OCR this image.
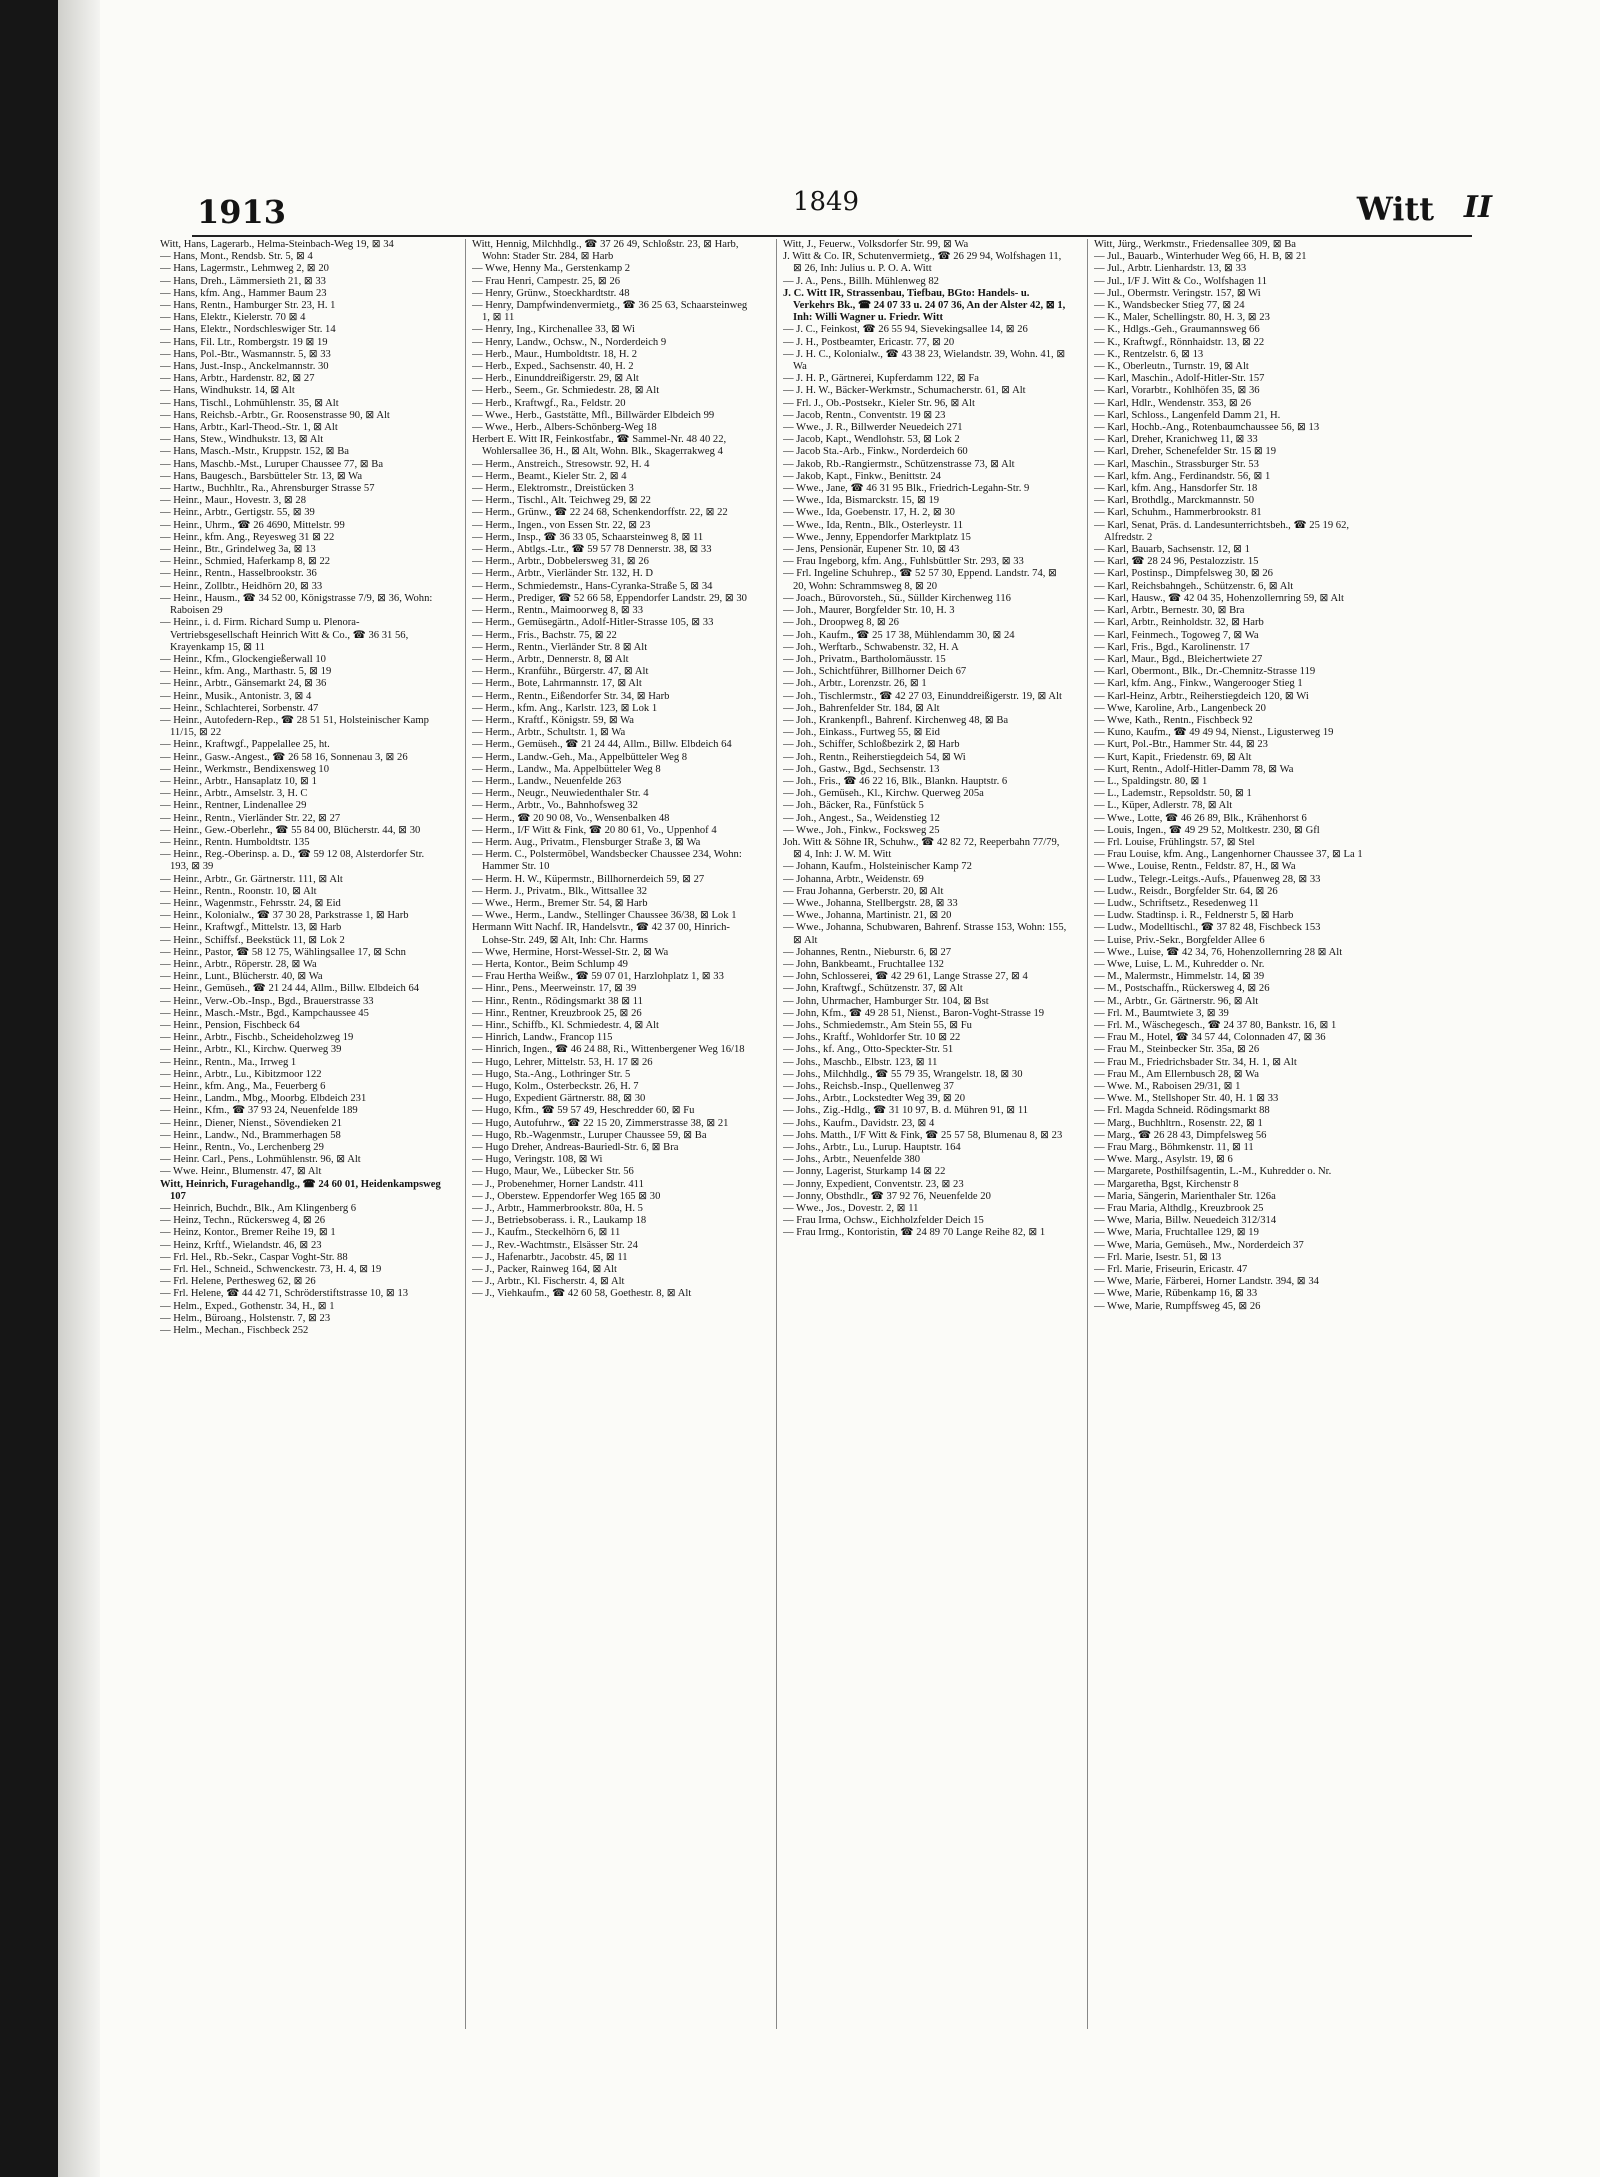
1913	1849	Witt II

Witt, Hans, Lagerarb., Helma-Steinbach-Weg 19, ⊠ 34

— Hans, Mont., Rendsb. Str. 5, ⊠ 4

— Hans, Lagermstr., Lehmweg 2, ⊠ 20

— Hans, Dreh., Lämmersieth 21, ⊠ 33

— Hans, kfm. Ang., Hammer Baum 23

— Hans, Rentn., Hamburger Str. 23, H. 1

— Hans, Elektr., Kielerstr. 70 ⊠ 4

— Hans, Elektr., Nordschleswiger Str. 14

— Hans, Fil. Ltr., Rombergstr. 19 ⊠ 19

— Hans, Pol.-Btr., Wasmannstr. 5, ⊠ 33

— Hans, Just.-Insp., Anckelmannstr. 30

— Hans, Arbtr., Hardenstr. 82, ⊠ 27

— Hans, Windhukstr. 14, ⊠ Alt

— Hans, Tischl., Lohmühlenstr. 35, ⊠ Alt

— Hans, Reichsb.-Arbtr., Gr. Roosenstrasse 90, ⊠ Alt

— Hans, Arbtr., Karl-Theod.-Str. 1, ⊠ Alt

— Hans, Stew., Windhukstr. 13, ⊠ Alt

— Hans, Masch.-Mstr., Kruppstr. 152, ⊠ Ba

— Hans, Maschb.-Mst., Luruper Chaussee 77, ⊠ Ba

— Hans, Baugesch., Barsbütteler Str. 13, ⊠ Wa

— Hartw., Buchhltr., Ra., Ahrensburger Strasse 57

— Heinr., Maur., Hovestr. 3, ⊠ 28

— Heinr., Arbtr., Gertigstr. 55, ⊠ 39

— Heinr., Uhrm., ☎ 26 4690, Mittelstr. 99

— Heinr., kfm. Ang., Reyesweg 31 ⊠ 22

— Heinr., Btr., Grindelweg 3a, ⊠ 13

— Heinr., Schmied, Haferkamp 8, ⊠ 22

— Heinr., Rentn., Hasselbrookstr. 36

— Heinr., Zollbtr., Heidhörn 20, ⊠ 33

— Heinr., Hausm., ☎ 34 52 00, Königstrasse 7/9, ⊠ 36, Wohn: Raboisen 29

— Heinr., i. d. Firm. Richard Sump u. Plenora-Vertriebsgesellschaft Heinrich Witt & Co., ☎ 36 31 56, Krayenkamp 15, ⊠ 11

— Heinr., Kfm., Glockengießerwall 10

— Heinr., kfm. Ang., Marthastr. 5, ⊠ 19

— Heinr., Arbtr., Gänsemarkt 24, ⊠ 36

— Heinr., Musik., Antonistr. 3, ⊠ 4

— Heinr., Schlachterei, Sorbenstr. 47

— Heinr., Autofedern-Rep., ☎ 28 51 51, Holsteinischer Kamp 11/15, ⊠ 22

— Heinr., Kraftwgf., Pappelallee 25, ht.

— Heinr., Gasw.-Angest., ☎ 26 58 16, Sonnenau 3, ⊠ 26

— Heinr., Werkmstr., Bendixensweg 10

— Heinr., Arbtr., Hansaplatz 10, ⊠ 1

— Heinr., Arbtr., Amselstr. 3, H. C

— Heinr., Rentner, Lindenallee 29

— Heinr., Rentn., Vierländer Str. 22, ⊠ 27

— Heinr., Gew.-Oberlehr., ☎ 55 84 00, Blücherstr. 44, ⊠ 30

— Heinr., Rentn. Humboldtstr. 135

— Heinr., Reg.-Oberinsp. a. D., ☎ 59 12 08, Alsterdorfer Str. 193, ⊠ 39

— Heinr., Arbtr., Gr. Gärtnerstr. 111, ⊠ Alt

— Heinr., Rentn., Roonstr. 10, ⊠ Alt

— Heinr., Wagenmstr., Fehrsstr. 24, ⊠ Eid

— Heinr., Kolonialw., ☎ 37 30 28, Parkstrasse 1, ⊠ Harb

— Heinr., Kraftwgf., Mittelstr. 13, ⊠ Harb

— Heinr., Schiffsf., Beekstück 11, ⊠ Lok 2

— Heinr., Pastor, ☎ 58 12 75, Wählingsallee 17, ⊠ Schn

— Heinr., Arbtr., Röperstr. 28, ⊠ Wa

— Heinr., Lunt., Blücherstr. 40, ⊠ Wa

— Heinr., Gemüseh., ☎ 21 24 44, Allm., Billw. Elbdeich 64

— Heinr., Verw.-Ob.-Insp., Bgd., Brauerstrasse 33

— Heinr., Masch.-Mstr., Bgd., Kampchaussee 45

— Heinr., Pension, Fischbeck 64

— Heinr., Arbtr., Fischb., Scheideholzweg 19

— Heinr., Arbtr., Kl., Kirchw. Querweg 39

— Heinr., Rentn., Ma., Irrweg 1

— Heinr., Arbtr., Lu., Kibitzmoor 122

— Heinr., kfm. Ang., Ma., Feuerberg 6

— Heinr., Landm., Mbg., Moorbg. Elbdeich 231

— Heinr., Kfm., ☎ 37 93 24, Neuenfelde 189

— Heinr., Diener, Nienst., Sövendieken 21

— Heinr., Landw., Nd., Brammerhagen 58

— Heinr., Rentn., Vo., Lerchenberg 29

— Heinr. Carl., Pens., Lohmühlenstr. 96, ⊠ Alt

— Wwe. Heinr., Blumenstr. 47, ⊠ Alt

Witt, Heinrich, Furagehandlg., ☎ 24 60 01, Heidenkampsweg 107

— Heinrich, Buchdr., Blk., Am Klingenberg 6

— Heinz, Techn., Rückersweg 4, ⊠ 26

— Heinz, Kontor., Bremer Reihe 19, ⊠ 1

— Heinz, Krftf., Wielandstr. 46, ⊠ 23

— Frl. Hel., Rb.-Sekr., Caspar Voght-Str. 88

— Frl. Hel., Schneid., Schwenckestr. 73, H. 4, ⊠ 19

— Frl. Helene, Perthesweg 62, ⊠ 26

— Frl. Helene, ☎ 44 42 71, Schröderstiftstrasse 10, ⊠ 13

— Helm., Exped., Gothenstr. 34, H., ⊠ 1

— Helm., Bürоang., Holstenstr. 7, ⊠ 23

— Helm., Mechan., Fischbeck 252

Witt, Hennig, Milchhdlg., ☎ 37 26 49, Schloßstr. 23, ⊠ Harb, Wohn: Stader Str. 284, ⊠ Harb

— Wwe, Henny Ma., Gerstenkamp 2

— Frau Henri, Campestr. 25, ⊠ 26

— Henry, Grünw., Stoeckhardtstr. 48

— Henry, Dampfwindenvermietg., ☎ 36 25 63, Schaarsteinweg 1, ⊠ 11

— Henry, Ing., Kirchenallee 33, ⊠ Wi

— Henry, Landw., Ochsw., N., Norderdeich 9

— Herb., Maur., Humboldtstr. 18, H. 2

— Herb., Exped., Sachsenstr. 40, H. 2

— Herb., Einunddreißigerstr. 29, ⊠ Alt

— Herb., Seem., Gr. Schmiedestr. 28, ⊠ Alt

— Herb., Kraftwgf., Ra., Feldstr. 20

— Wwe., Herb., Gaststätte, Mfl., Billwärder Elbdeich 99

— Wwe., Herb., Albers-Schönberg-Weg 18

Herbert E. Witt IR, Feinkostfabr., ☎ Sammel-Nr. 48 40 22, Wohlersallee 36, H., ⊠ Alt, Wohn. Blk., Skagerrakweg 4

— Herm., Anstreich., Stresowstr. 92, H. 4

— Herm., Beamt., Kieler Str. 2, ⊠ 4

— Herm., Elektromstr., Dreistücken 3

— Herm., Tischl., Alt. Teichweg 29, ⊠ 22

— Herm., Grünw., ☎ 22 24 68, Schenkendorffstr. 22, ⊠ 22

— Herm., Ingen., von Essen Str. 22, ⊠ 23

— Herm., Insp., ☎ 36 33 05, Schaarsteinweg 8, ⊠ 11

— Herm., Abtlgs.-Ltr., ☎ 59 57 78 Dennerstr. 38, ⊠ 33

— Herm., Arbtr., Dobbelersweg 31, ⊠ 26

— Herm., Arbtr., Vierländer Str. 132, H. D

— Herm., Schmiedemstr., Hans-Cyranka-Straße 5, ⊠ 34

— Herm., Prediger, ☎ 52 66 58, Eppendorfer Landstr. 29, ⊠ 30

— Herm., Rentn., Maimoorweg 8, ⊠ 33

— Herm., Gemüsegärtn., Adolf-Hitler-Strasse 105, ⊠ 33

— Herm., Fris., Bachstr. 75, ⊠ 22

— Herm., Rentn., Vierländer Str. 8 ⊠ Alt

— Herm., Arbtr., Dennerstr. 8, ⊠ Alt

— Herm., Kranführ., Bürgerstr. 47, ⊠ Alt

— Herm., Bote, Lahrmannstr. 17, ⊠ Alt

— Herm., Rentn., Eißendorfer Str. 34, ⊠ Harb

— Herm., kfm. Ang., Karlstr. 123, ⊠ Lok 1

— Herm., Kraftf., Königstr. 59, ⊠ Wa

— Herm., Arbtr., Schultstr. 1, ⊠ Wa

— Herm., Gemüseh., ☎ 21 24 44, Allm., Billw. Elbdeich 64

— Herm., Landw.-Geh., Ma., Appelbütteler Weg 8

— Herm., Landw., Ma. Appelbütteler Weg 8

— Herm., Landw., Neuenfelde 263

— Herm., Neugr., Neuwiedenthaler Str. 4

— Herm., Arbtr., Vo., Bahnhofsweg 32

— Herm., ☎ 20 90 08, Vo., Wensenbalken 48

— Herm., I/F Witt & Fink, ☎ 20 80 61, Vo., Uppenhof 4

— Herm. Aug., Privatm., Flensburger Straße 3, ⊠ Wa

— Herm. C., Polstermöbel, Wandsbecker Chaussee 234, Wohn: Hammer Str. 10

— Herm. H. W., Küpermstr., Billhornerdeich 59, ⊠ 27

— Herm. J., Privatm., Blk., Wittsallee 32

— Wwe., Herm., Bremer Str. 54, ⊠ Harb

— Wwe., Herm., Landw., Stellinger Chaussee 36/38, ⊠ Lok 1

Hermann Witt Nachf. IR, Handelsvtr., ☎ 42 37 00, Hinrich-Lohse-Str. 249, ⊠ Alt, Inh: Chr. Harms

— Wwe, Hermine, Horst-Wessel-Str. 2, ⊠ Wa

— Herta, Kontor., Beim Schlump 49

— Frau Hertha Weißw., ☎ 59 07 01, Harzlohplatz 1, ⊠ 33

— Hinr., Pens., Meerweinstr. 17, ⊠ 39

— Hinr., Rentn., Rödingsmarkt 38 ⊠ 11

— Hinr., Rentner, Kreuzbrook 25, ⊠ 26

— Hinr., Schiffb., Kl. Schmiedestr. 4, ⊠ Alt

— Hinrich, Landw., Francop 115

— Hinrich, Ingen., ☎ 46 24 88, Ri., Wittenbergener Weg 16/18

— Hugo, Lehrer, Mittelstr. 53, H. 17 ⊠ 26

— Hugo, Sta.-Ang., Lothringer Str. 5

— Hugo, Kolm., Osterbeckstr. 26, H. 7

— Hugo, Expedient Gärtnerstr. 88, ⊠ 30

— Hugo, Kfm., ☎ 59 57 49, Heschredder 60, ⊠ Fu

— Hugo, Autofuhrw., ☎ 22 15 20, Zimmerstrasse 38, ⊠ 21

— Hugo, Rb.-Wagenmstr., Luruper Chaussee 59, ⊠ Ba

— Hugo Dreher, Andreas-Bauriedl-Str. 6, ⊠ Bra

— Hugo, Veringstr. 108, ⊠ Wi

— Hugo, Maur, We., Lübecker Str. 56

— J., Probenehmer, Horner Landstr. 411

— J., Oberstew. Eppendorfer Weg 165 ⊠ 30

— J., Arbtr., Hammerbrookstr. 80a, H. 5

— J., Betriebsoberass. i. R., Laukamp 18

— J., Kaufm., Steckelhörn 6, ⊠ 11

— J., Rev.-Wachtmstr., Elsässer Str. 24

— J., Hafenarbtr., Jacobstr. 45, ⊠ 11

— J., Packer, Rainweg 164, ⊠ Alt

— J., Arbtr., Kl. Fischerstr. 4, ⊠ Alt

— J., Viehkaufm., ☎ 42 60 58, Goethestr. 8, ⊠ Alt

Witt, J., Feuerw., Volksdorfer Str. 99, ⊠ Wa

J. Witt & Co. IR, Schutenvermietg., ☎ 26 29 94, Wolfshagen 11, ⊠ 26, Inh: Julius u. P. O. A. Witt

— J. A., Pens., Billh. Mühlenweg 82

J. C. Witt IR, Strassenbau, Tiefbau, BGto: Handels- u. Verkehrs Bk., ☎ 24 07 33 u. 24 07 36, An der Alster 42, ⊠ 1, Inh: Willi Wagner u. Friedr. Witt

— J. C., Feinkost, ☎ 26 55 94, Sievekingsallee 14, ⊠ 26

— J. H., Postbeamter, Ericastr. 77, ⊠ 20

— J. H. C., Kolonialw., ☎ 43 38 23, Wielandstr. 39, Wohn. 41, ⊠ Wa

— J. H. P., Gärtnerei, Kupferdamm 122, ⊠ Fa

— J. H. W., Bäcker-Werkmstr., Schumacherstr. 61, ⊠ Alt

— Frl. J., Ob.-Postsekr., Kieler Str. 96, ⊠ Alt

— Jacob, Rentn., Conventstr. 19 ⊠ 23

— Wwe., J. R., Billwerder Neuedeich 271

— Jacob, Kapt., Wendlohstr. 53, ⊠ Lok 2

— Jacob Sta.-Arb., Finkw., Norderdeich 60

— Jakob, Rb.-Rangiermstr., Schützenstrasse 73, ⊠ Alt

— Jakob, Kapt., Finkw., Benittstr. 24

— Wwe., Jane, ☎ 46 31 95 Blk., Friedrich-Legahn-Str. 9

— Wwe., Ida, Bismarckstr. 15, ⊠ 19

— Wwe., Ida, Goebenstr. 17, H. 2, ⊠ 30

— Wwe., Ida, Rentn., Blk., Osterleystr. 11

— Wwe., Jenny, Eppendorfer Marktplatz 15

— Jens, Pensionär, Eupener Str. 10, ⊠ 43

— Frau Ingeborg, kfm. Ang., Fuhlsbüttler Str. 293, ⊠ 33

— Frl. Ingeline Schuhrep., ☎ 52 57 30, Eppend. Landstr. 74, ⊠ 20, Wohn: Schrammsweg 8, ⊠ 20

— Joach., Bürovorsteh., Sü., Süllder Kirchenweg 116

— Joh., Maurer, Borgfelder Str. 10, H. 3

— Joh., Droopweg 8, ⊠ 26

— Joh., Kaufm., ☎ 25 17 38, Mühlendamm 30, ⊠ 24

— Joh., Werftarb., Schwabenstr. 32, H. A

— Joh., Privatm., Bartholomäusstr. 15

— Joh., Schichtführer, Billhorner Deich 67

— Joh., Arbtr., Lorenzstr. 26, ⊠ 1

— Joh., Tischlermstr., ☎ 42 27 03, Einunddreißigerstr. 19, ⊠ Alt

— Joh., Bahrenfelder Str. 184, ⊠ Alt

— Joh., Krankenpfl., Bahrenf. Kirchenweg 48, ⊠ Ba

— Joh., Einkass., Furtweg 55, ⊠ Eid

— Joh., Schiffer, Schloßbezirk 2, ⊠ Harb

— Joh., Rentn., Reiherstiegdeich 54, ⊠ Wi

— Joh., Gastw., Bgd., Sechsenstr. 13

— Joh., Fris., ☎ 46 22 16, Blk., Blankn. Hauptstr. 6

— Joh., Gemüseh., Kl., Kirchw. Querweg 205a

— Joh., Bäcker, Ra., Fünfstück 5

— Joh., Angest., Sa., Weidenstieg 12

— Wwe., Joh., Finkw., Focksweg 25

Joh. Witt & Söhne IR, Schuhw., ☎ 42 82 72, Reeperbahn 77/79, ⊠ 4, Inh: J. W. M. Witt

— Johann, Kaufm., Holsteinischer Kamp 72

— Johanna, Arbtr., Weidenstr. 69

— Frau Johanna, Gerberstr. 20, ⊠ Alt

— Wwe., Johanna, Stellbergstr. 28, ⊠ 33

— Wwe., Johanna, Martinistr. 21, ⊠ 20

— Wwe., Johanna, Schubwaren, Bahrenf. Strasse 153, Wohn: 155, ⊠ Alt

— Johannes, Rentn., Nieburstr. 6, ⊠ 27

— John, Bankbeamt., Fruchtallee 132

— John, Schlosserei, ☎ 42 29 61, Lange Strasse 27, ⊠ 4

— John, Kraftwgf., Schützenstr. 37, ⊠ Alt

— John, Uhrmacher, Hamburger Str. 104, ⊠ Bst

— John, Kfm., ☎ 49 28 51, Nienst., Baron-Voght-Strasse 19

— Johs., Schmiedemstr., Am Stein 55, ⊠ Fu

— Johs., Kraftf., Wohldorfer Str. 10 ⊠ 22

— Johs., kf. Ang., Otto-Speckter-Str. 51

— Johs., Maschb., Elbstr. 123, ⊠ 11

— Johs., Milchhdlg., ☎ 55 79 35, Wrangelstr. 18, ⊠ 30

— Johs., Reichsb.-Insp., Quellenweg 37

— Johs., Arbtr., Lockstedter Weg 39, ⊠ 20

— Johs., Zig.-Hdlg., ☎ 31 10 97, B. d. Mühren 91, ⊠ 11

— Johs., Kaufm., Davidstr. 23, ⊠ 4

— Johs. Matth., I/F Witt & Fink, ☎ 25 57 58, Blumenau 8, ⊠ 23

— Johs., Arbtr., Lu., Lurup. Hauptstr. 164

— Johs., Arbtr., Neuenfelde 380

— Jonny, Lagerist, Sturkamp 14 ⊠ 22

— Jonny, Expedient, Conventstr. 23, ⊠ 23

— Jonny, Obsthdlr., ☎ 37 92 76, Neuenfelde 20

— Wwe., Jos., Dovestr. 2, ⊠ 11

— Frau Irma, Ochsw., Eichholzfelder Deich 15

— Frau Irmg., Kontoristin, ☎ 24 89 70 Lange Reihe 82, ⊠ 1

Witt, Jürg., Werkmstr., Friedensallee 309, ⊠ Ba

— Jul., Bauarb., Winterhuder Weg 66, H. B, ⊠ 21

— Jul., Arbtr. Lienhardstr. 13, ⊠ 33

— Jul., I/F J. Witt & Co., Wolfshagen 11

— Jul., Obermstr. Veringstr. 157, ⊠ Wi

— K., Wandsbecker Stieg 77, ⊠ 24

— K., Maler, Schellingstr. 80, H. 3, ⊠ 23

— K., Hdlgs.-Geh., Graumannsweg 66

— K., Kraftwgf., Rönnhaidstr. 13, ⊠ 22

— K., Rentzelstr. 6, ⊠ 13

— K., Oberleutn., Turnstr. 19, ⊠ Alt

— Karl, Maschin., Adolf-Hitler-Str. 157

— Karl, Vorarbtr., Kohlhöfen 35, ⊠ 36

— Karl, Hdlr., Wendenstr. 353, ⊠ 26

— Karl, Schloss., Langenfeld Damm 21, H.

— Karl, Hochb.-Ang., Rotenbaumchaussee 56, ⊠ 13

— Karl, Dreher, Kranichweg 11, ⊠ 33

— Karl, Dreher, Schenefelder Str. 15 ⊠ 19

— Karl, Maschin., Strassburger Str. 53

— Karl, kfm. Ang., Ferdinandstr. 56, ⊠ 1

— Karl, kfm. Ang., Hansdorfer Str. 18

— Karl, Brothdlg., Marckmannstr. 50

— Karl, Schuhm., Hammerbrookstr. 81

— Karl, Senat, Präs. d. Landesunterrichtsbeh., ☎ 25 19 62, Alfredstr. 2

— Karl, Bauarb, Sachsenstr. 12, ⊠ 1

— Karl, ☎ 28 24 96, Pestalozzistr. 15

— Karl, Postinsp., Dimpfelsweg 30, ⊠ 26

— Karl, Reichsbahngeh., Schützenstr. 6, ⊠ Alt

— Karl, Hausw., ☎ 42 04 35, Hohenzollernring 59, ⊠ Alt

— Karl, Arbtr., Bernestr. 30, ⊠ Bra

— Karl, Arbtr., Reinholdstr. 32, ⊠ Harb

— Karl, Feinmech., Togoweg 7, ⊠ Wa

— Karl, Fris., Bgd., Karolinenstr. 17

— Karl, Maur., Bgd., Bleichertwiete 27

— Karl, Obermont., Blk., Dr.-Chemnitz-Strasse 119

— Karl, kfm. Ang., Finkw., Wangerooger Stieg 1

— Karl-Heinz, Arbtr., Reiherstiegdeich 120, ⊠ Wi

— Wwe, Karoline, Arb., Langenbeck 20

— Wwe, Kath., Rentn., Fischbeck 92

— Kuno, Kaufm., ☎ 49 49 94, Nienst., Ligusterweg 19

— Kurt, Pol.-Btr., Hammer Str. 44, ⊠ 23

— Kurt, Kapit., Friedenstr. 69, ⊠ Alt

— Kurt, Rentn., Adolf-Hitler-Damm 78, ⊠ Wa

— L., Spaldingstr. 80, ⊠ 1

— L., Lademstr., Repsoldstr. 50, ⊠ 1

— L., Küper, Adlerstr. 78, ⊠ Alt

— Wwe., Lotte, ☎ 46 26 89, Blk., Krähenhorst 6

— Louis, Ingen., ☎ 49 29 52, Moltkestr. 230, ⊠ Gfl

— Frl. Louise, Frühlingstr. 57, ⊠ Stel

— Frau Louise, kfm. Ang., Langenhorner Chaussee 37, ⊠ La 1

— Wwe., Louise, Rentn., Feldstr. 87, H., ⊠ Wa

— Ludw., Telegr.-Leitgs.-Aufs., Pfauenweg 28, ⊠ 33

— Ludw., Reisdr., Borgfelder Str. 64, ⊠ 26

— Ludw., Schriftsetz., Resedenweg 11

— Ludw. Stadtinsp. i. R., Feldnerstr 5, ⊠ Harb

— Ludw., Modelltischl., ☎ 37 82 48, Fischbeck 153

— Luise, Priv.-Sekr., Borgfelder Allee 6

— Wwe., Luise, ☎ 42 34, 76, Hohenzollernring 28 ⊠ Alt

— Wwe, Luise, L. M., Kuhredder o. Nr.

— M., Malermstr., Himmelstr. 14, ⊠ 39

— M., Postschaffn., Rückersweg 4, ⊠ 26

— M., Arbtr., Gr. Gärtnerstr. 96, ⊠ Alt

— Frl. M., Baumtwiete 3, ⊠ 39

— Frl. M., Wäschegesch., ☎ 24 37 80, Bankstr. 16, ⊠ 1

— Frau M., Hotel, ☎ 34 57 44, Colonnaden 47, ⊠ 36

— Frau M., Steinbecker Str. 35a, ⊠ 26

— Frau M., Friedrichsbader Str. 34, H. 1, ⊠ Alt

— Frau M., Am Ellernbusch 28, ⊠ Wa

— Wwe. M., Raboisen 29/31, ⊠ 1

— Wwe. M., Stellshoper Str. 40, H. 1 ⊠ 33

— Frl. Magda Schneid. Rödingsmarkt 88

— Marg., Buchhltrn., Rosenstr. 22, ⊠ 1

— Marg., ☎ 26 28 43, Dimpfelsweg 56

— Frau Marg., Böhmkenstr. 11, ⊠ 11

— Wwe. Marg., Asylstr. 19, ⊠ 6

— Margarete, Posthilfsagentin, L.-M., Kuhredder o. Nr.

— Margaretha, Bgst, Kirchenstr 8

— Maria, Sängerin, Marienthaler Str. 126a

— Frau Maria, Althdlg., Kreuzbrook 25

— Wwe, Maria, Billw. Neuedeich 312/314

— Wwe, Maria, Fruchtallee 129, ⊠ 19

— Wwe, Maria, Gemüseh., Mw., Norderdeich 37

— Frl. Marie, Isestr. 51, ⊠ 13

— Frl. Marie, Friseurin, Ericastr. 47

— Wwe, Marie, Färberei, Horner Landstr. 394, ⊠ 34

— Wwe, Marie, Rübenkamp 16, ⊠ 33

— Wwe, Marie, Rumpffsweg 45, ⊠ 26
